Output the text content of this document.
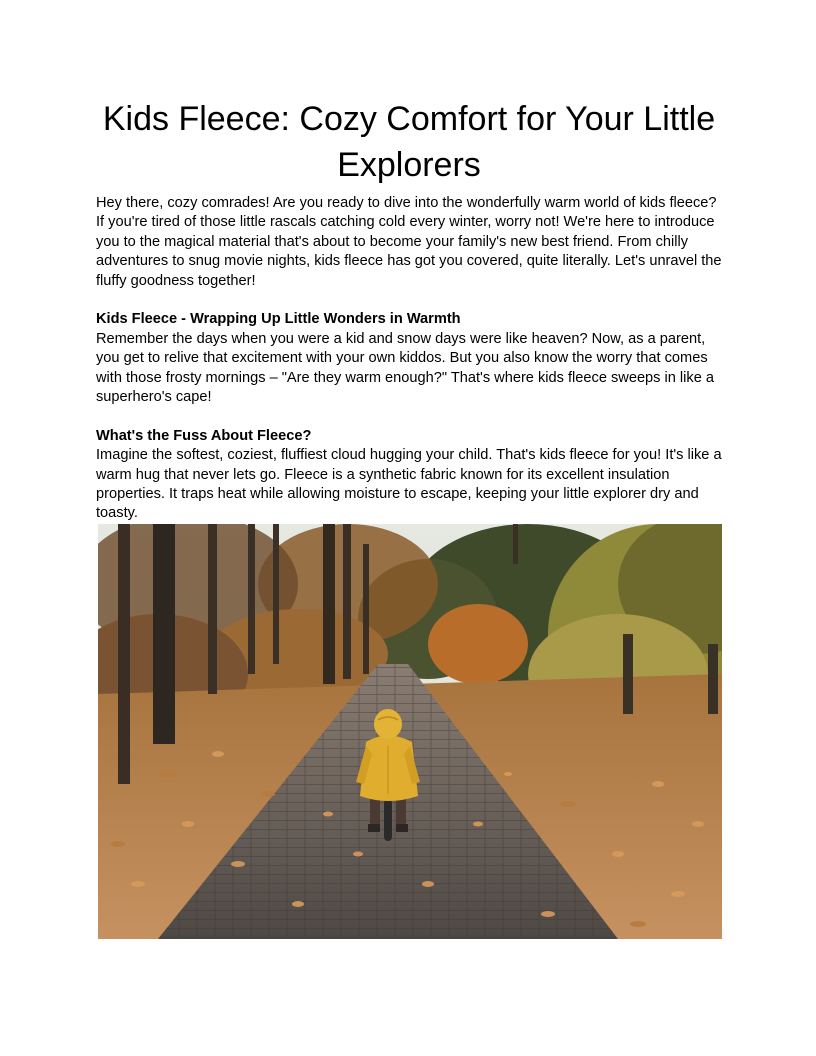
Kids Fleece: Cozy Comfort for Your Little Explorers

Hey there, cozy comrades! Are you ready to dive into the wonderfully warm world of kids fleece? If you're tired of those little rascals catching cold every winter, worry not! We're here to introduce you to the magical material that's about to become your family's new best friend. From chilly adventures to snug movie nights, kids fleece has got you covered, quite literally. Let's unravel the fluffy goodness together!

Kids Fleece - Wrapping Up Little Wonders in Warmth

Remember the days when you were a kid and snow days were like heaven? Now, as a parent, you get to relive that excitement with your own kiddos. But you also know the worry that comes with those frosty mornings – "Are they warm enough?" That's where kids fleece sweeps in like a superhero's cape!

What's the Fuss About Fleece?

Imagine the softest, coziest, fluffiest cloud hugging your child. That's kids fleece for you! It's like a warm hug that never lets go. Fleece is a synthetic fabric known for its excellent insulation properties. It traps heat while allowing moisture to escape, keeping your little explorer dry and toasty.
